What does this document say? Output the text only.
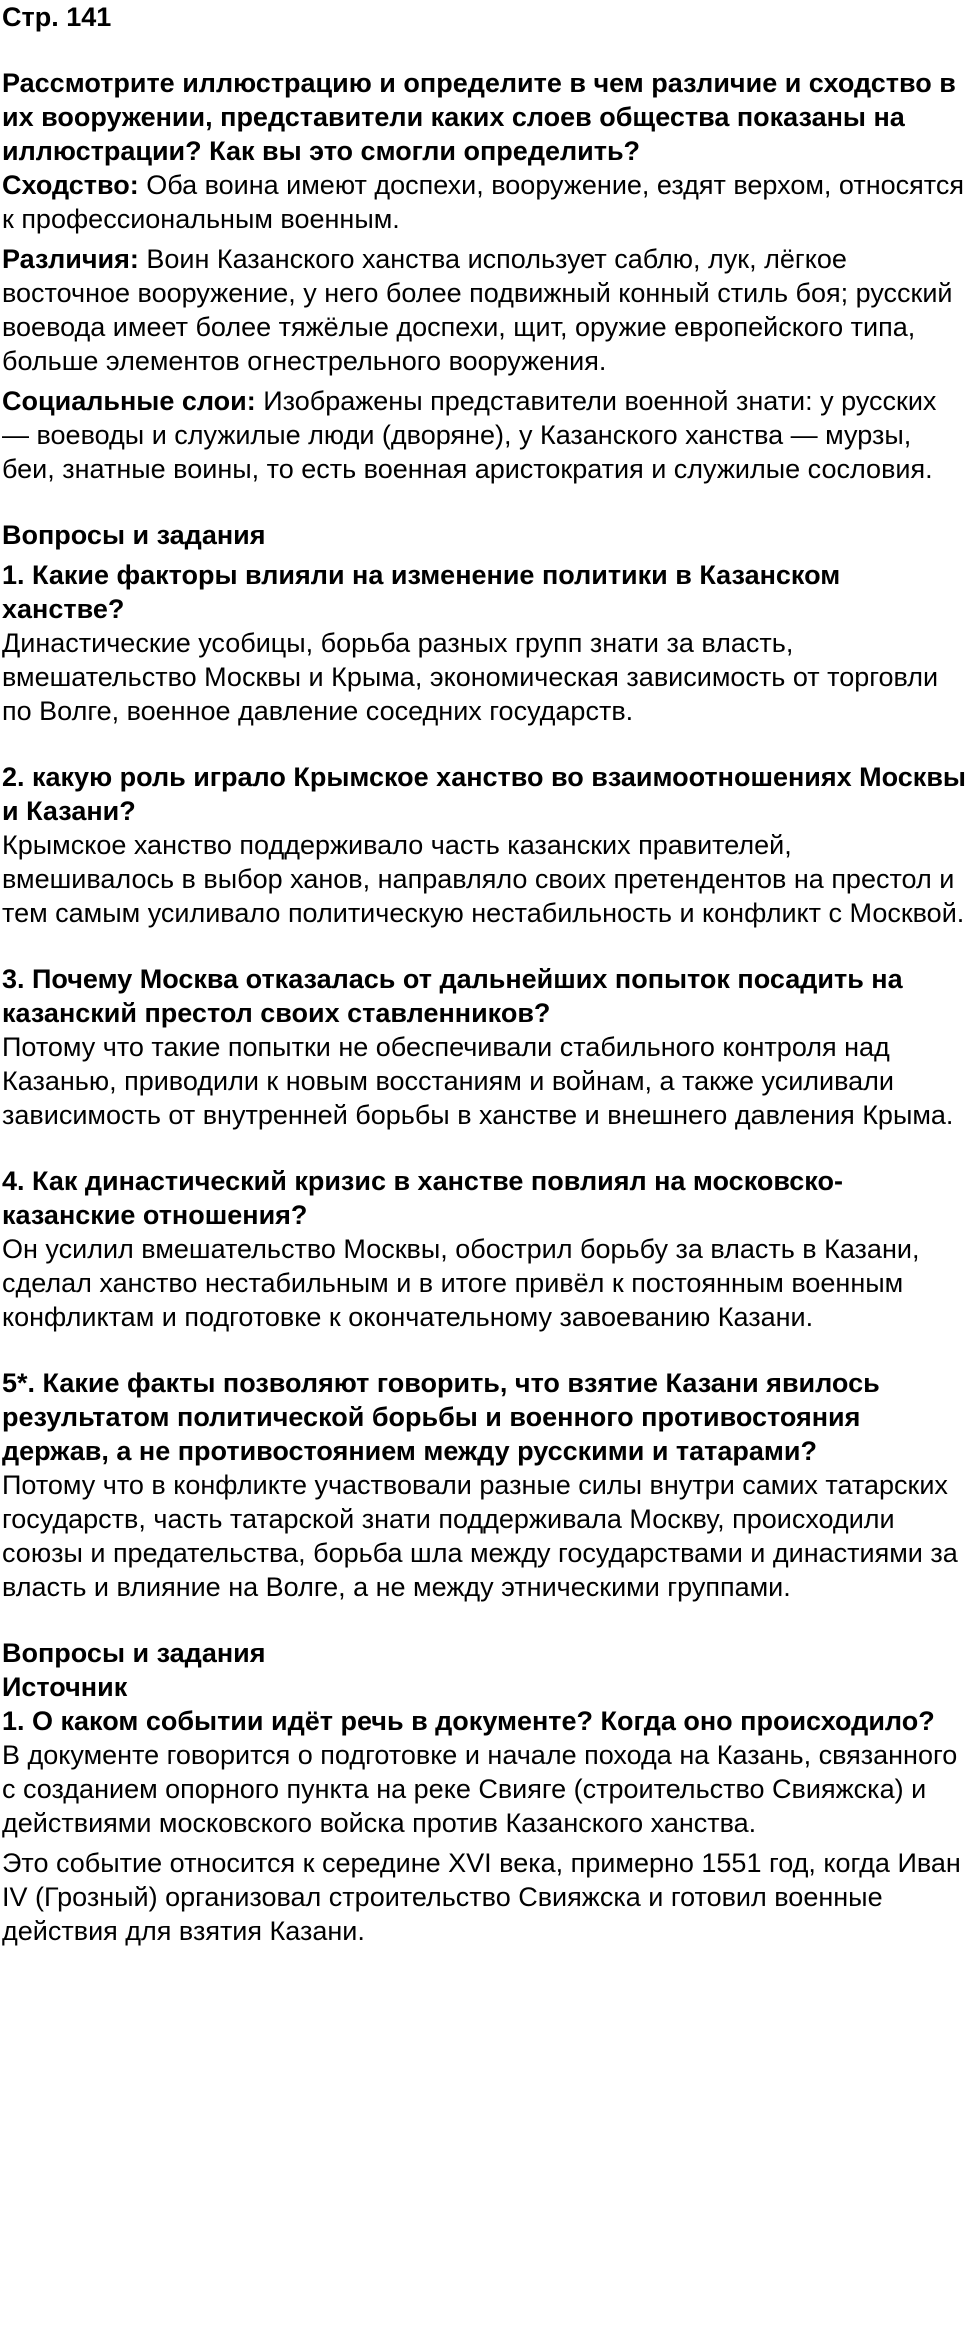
Стр. 141

Рассмотрите иллюстрацию и определите в чем различие и сходство в их вооружении, представители каких слоев общества показаны на иллюстрации? Как вы это смогли определить?

Сходство: Оба воина имеют доспехи, вооружение, ездят верхом, относятся к профессиональным военным.

Различия: Воин Казанского ханства использует саблю, лук, лёгкое восточное вооружение, у него более подвижный конный стиль боя; русский воевода имеет более тяжёлые доспехи, щит, оружие европейского типа, больше элементов огнестрельного вооружения.

Социальные слои: Изображены представители военной знати: у русских — воеводы и служилые люди (дворяне), у Казанского ханства — мурзы, беи, знатные воины, то есть военная аристократия и служилые сословия.

Вопросы и задания

1. Какие факторы влияли на изменение политики в Казанском ханстве?

Династические усобицы, борьба разных групп знати за власть, вмешательство Москвы и Крыма, экономическая зависимость от торговли по Волге, военное давление соседних государств.

2. какую роль играло Крымское ханство во взаимоотношениях Москвы и Казани?

Крымское ханство поддерживало часть казанских правителей, вмешивалось в выбор ханов, направляло своих претендентов на престол и тем самым усиливало политическую нестабильность и конфликт с Москвой.

3. Почему Москва отказалась от дальнейших попыток посадить на казанский престол своих ставленников?

Потому что такие попытки не обеспечивали стабильного контроля над Казанью, приводили к новым восстаниям и войнам, а также усиливали зависимость от внутренней борьбы в ханстве и внешнего давления Крыма.

4. Как династический кризис в ханстве повлиял на московско-казанские отношения?

Он усилил вмешательство Москвы, обострил борьбу за власть в Казани, сделал ханство нестабильным и в итоге привёл к постоянным военным конфликтам и подготовке к окончательному завоеванию Казани.

5*. Какие факты позволяют говорить, что взятие Казани явилось результатом политической борьбы и военного противостояния держав, а не противостоянием между русскими и татарами?

Потому что в конфликте участвовали разные силы внутри самих татарских государств, часть татарской знати поддерживала Москву, происходили союзы и предательства, борьба шла между государствами и династиями за власть и влияние на Волге, а не между этническими группами.

Вопросы и задания

Источник

1. О каком событии идёт речь в документе? Когда оно происходило?

В документе говорится о подготовке и начале похода на Казань, связанного с созданием опорного пункта на реке Свияге (строительство Свияжска) и действиями московского войска против Казанского ханства.

Это событие относится к середине XVI века, примерно 1551 год, когда Иван IV (Грозный) организовал строительство Свияжска и готовил военные действия для взятия Казани.
